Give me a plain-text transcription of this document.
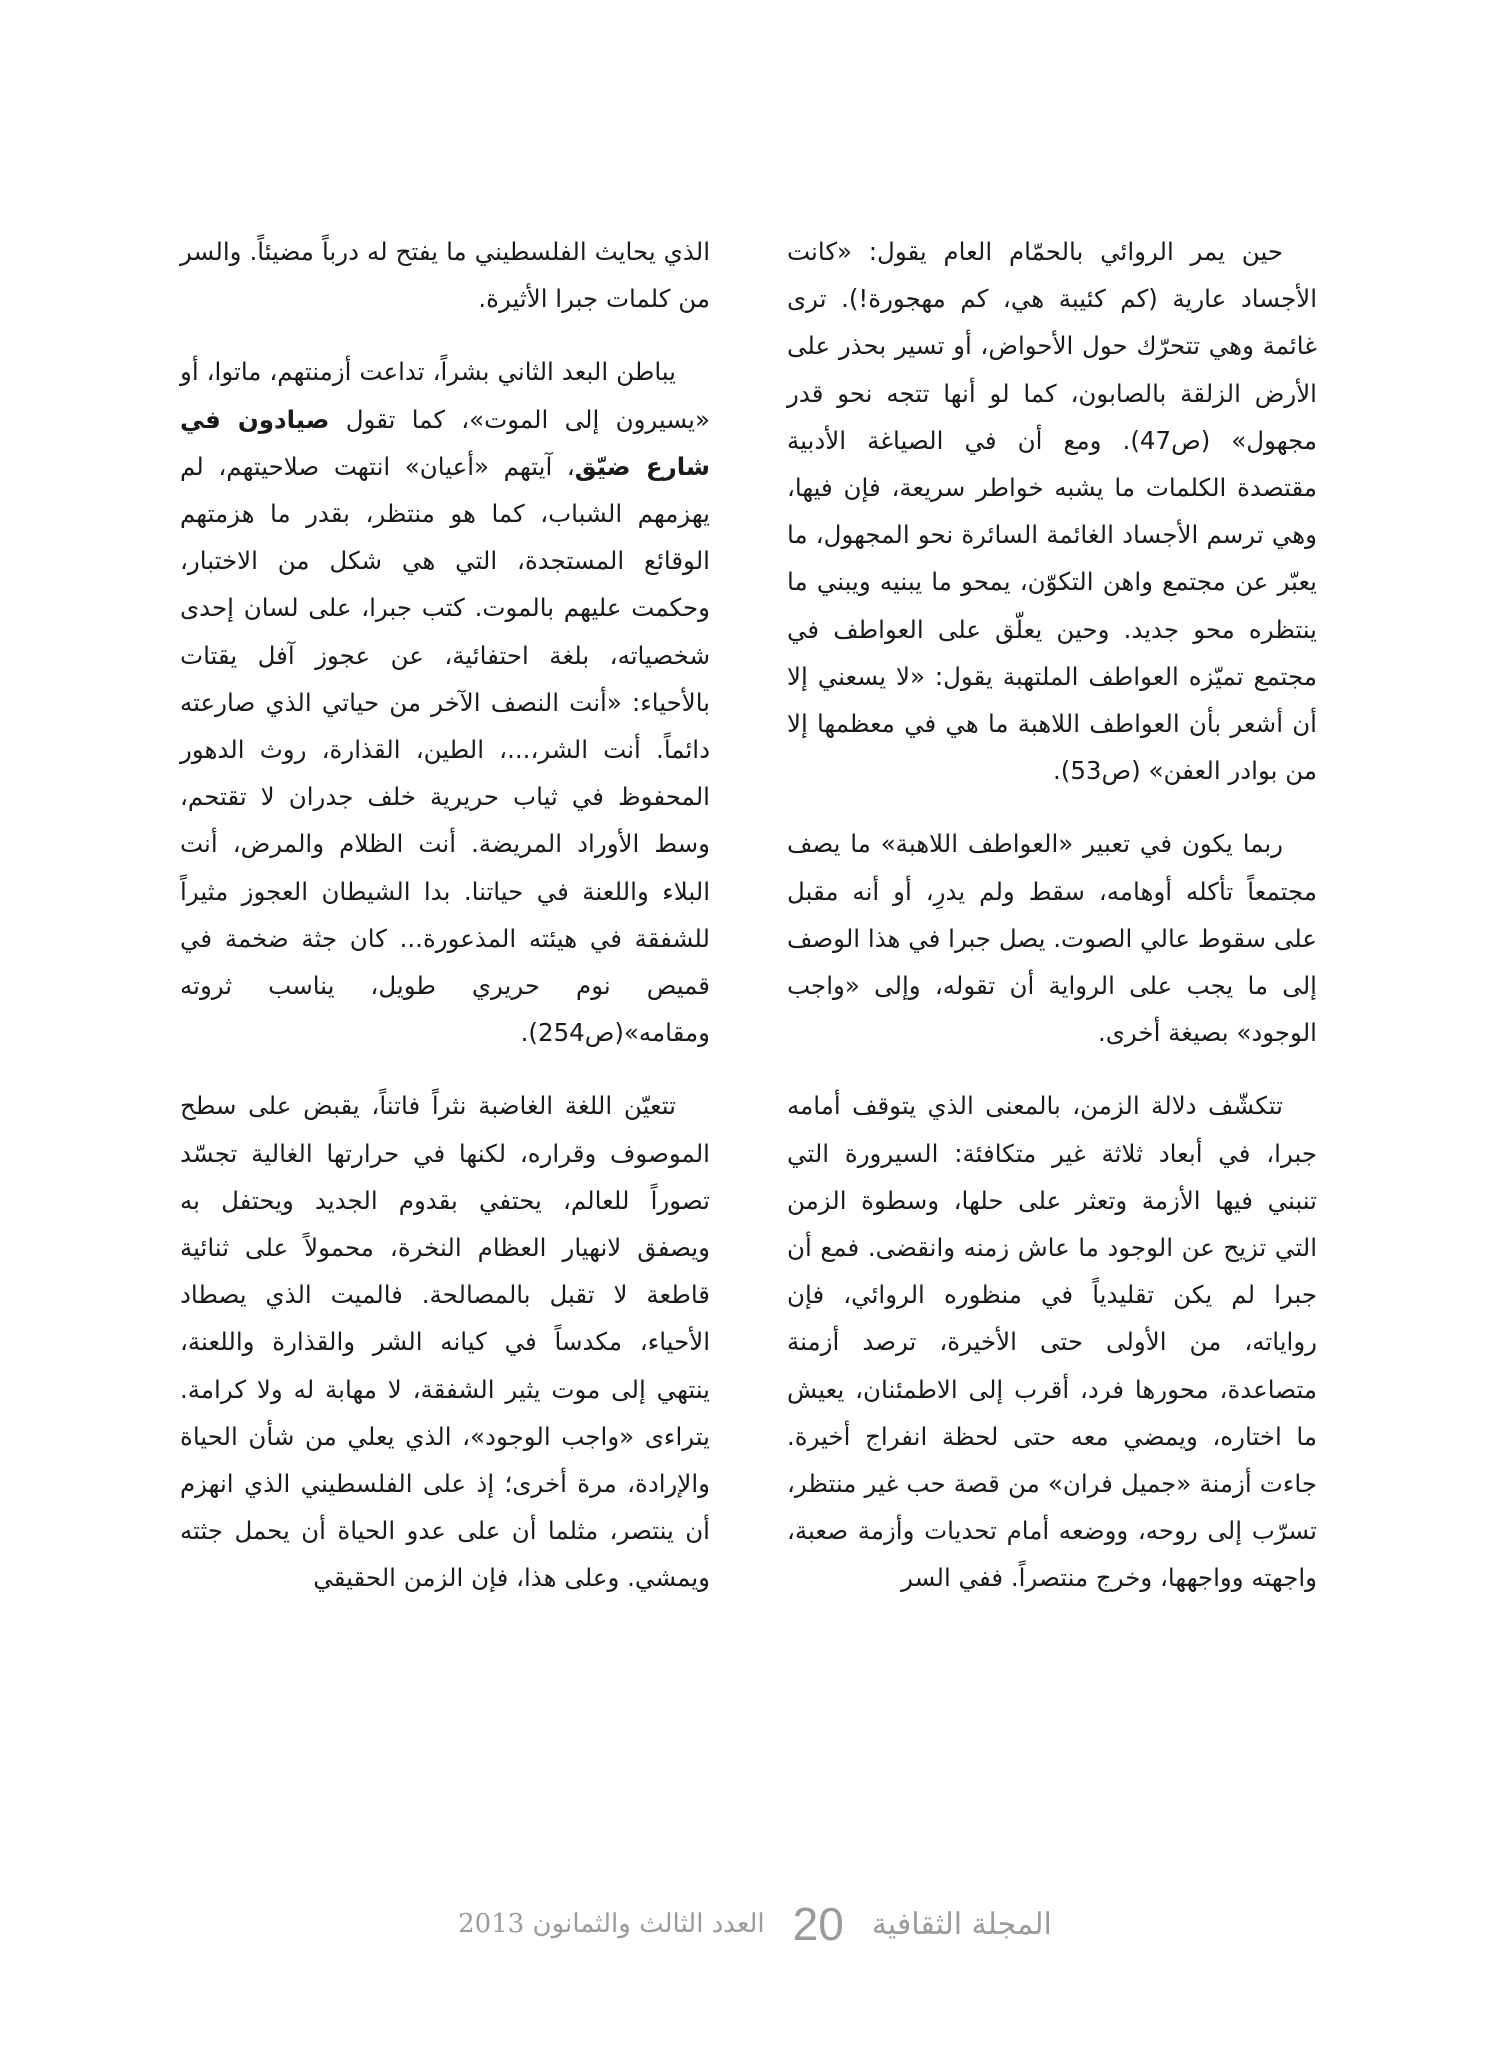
حين يمر الروائي بالحمّام العام يقول: «كانت الأجساد عارية (كم كئيبة هي، كم مهجورة!). ترى غائمة وهي تتحرّك حول الأحواض، أو تسير بحذر على الأرض الزلقة بالصابون، كما لو أنها تتجه نحو قدر مجهول» (ص47). ومع أن في الصياغة الأدبية مقتصدة الكلمات ما يشبه خواطر سريعة، فإن فيها، وهي ترسم الأجساد الغائمة السائرة نحو المجهول، ما يعبّر عن مجتمع واهن التكوّن، يمحو ما يبنيه ويبني ما ينتظره محو جديد. وحين يعلّق على العواطف في مجتمع تميّزه العواطف الملتهبة يقول: «لا يسعني إلا أن أشعر بأن العواطف اللاهبة ما هي في معظمها إلا من بوادر العفن» (ص53).

ربما يكون في تعبير «العواطف اللاهبة» ما يصف مجتمعاً تأكله أوهامه، سقط ولم يدرِ، أو أنه مقبل على سقوط عالي الصوت. يصل جبرا في هذا الوصف إلى ما يجب على الرواية أن تقوله، وإلى «واجب الوجود» بصيغة أخرى.

تتكشّف دلالة الزمن، بالمعنى الذي يتوقف أمامه جبرا، في أبعاد ثلاثة غير متكافئة: السيرورة التي تنبني فيها الأزمة وتعثر على حلها، وسطوة الزمن التي تزيح عن الوجود ما عاش زمنه وانقضى. فمع أن جبرا لم يكن تقليدياً في منظوره الروائي، فإن رواياته، من الأولى حتى الأخيرة، ترصد أزمنة متصاعدة، محورها فرد، أقرب إلى الاطمئنان، يعيش ما اختاره، ويمضي معه حتى لحظة انفراج أخيرة. جاءت أزمنة «جميل فران» من قصة حب غير منتظر، تسرّب إلى روحه، ووضعه أمام تحديات وأزمة صعبة، واجهته وواجهها، وخرج منتصراً. ففي السر

الذي يحايث الفلسطيني ما يفتح له درباً مضيئاً. والسر من كلمات جبرا الأثيرة.

يباطن البعد الثاني بشراً، تداعت أزمنتهم، ماتوا، أو «يسيرون إلى الموت»، كما تقول صيادون في شارع ضيّق، آيتهم «أعيان» انتهت صلاحيتهم، لم يهزمهم الشباب، كما هو منتظر، بقدر ما هزمتهم الوقائع المستجدة، التي هي شكل من الاختبار، وحكمت عليهم بالموت. كتب جبرا، على لسان إحدى شخصياته، بلغة احتفائية، عن عجوز آفل يقتات بالأحياء: «أنت النصف الآخر من حياتي الذي صارعته دائماً. أنت الشر،...، الطين، القذارة، روث الدهور المحفوظ في ثياب حريرية خلف جدران لا تقتحم، وسط الأوراد المريضة. أنت الظلام والمرض، أنت البلاء واللعنة في حياتنا. بدا الشيطان العجوز مثيراً للشفقة في هيئته المذعورة... كان جثة ضخمة في قميص نوم حريري طويل، يناسب ثروته ومقامه»(ص254).

تتعيّن اللغة الغاضبة نثراً فاتناً، يقبض على سطح الموصوف وقراره، لكنها في حرارتها الغالية تجسّد تصوراً للعالم، يحتفي بقدوم الجديد ويحتفل به ويصفق لانهيار العظام النخرة، محمولاً على ثنائية قاطعة لا تقبل بالمصالحة. فالميت الذي يصطاد الأحياء، مكدساً في كيانه الشر والقذارة واللعنة، ينتهي إلى موت يثير الشفقة، لا مهابة له ولا كرامة. يتراءى «واجب الوجود»، الذي يعلي من شأن الحياة والإرادة، مرة أخرى؛ إذ على الفلسطيني الذي انهزم أن ينتصر، مثلما أن على عدو الحياة أن يحمل جثته ويمشي. وعلى هذا، فإن الزمن الحقيقي

المجلة الثقافية
20
العدد الثالث والثمانون 2013
